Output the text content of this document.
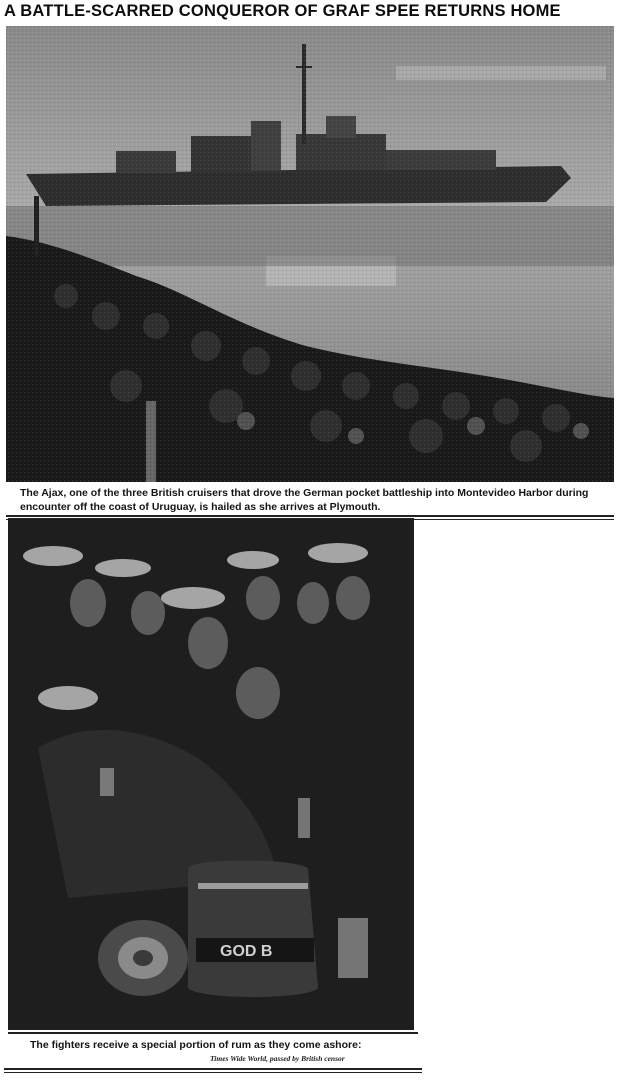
A BATTLE-SCARRED CONQUEROR OF GRAF SPEE RETURNS HOME
The Ajax, one of the three British cruisers that drove the German pocket battleship into Montevideo Harbor during encounter off the coast of Uruguay, is hailed as she arrives at Plymouth.
GOD B
The fighters receive a special portion of rum as they come ashore:
Times Wide World, passed by British censor
